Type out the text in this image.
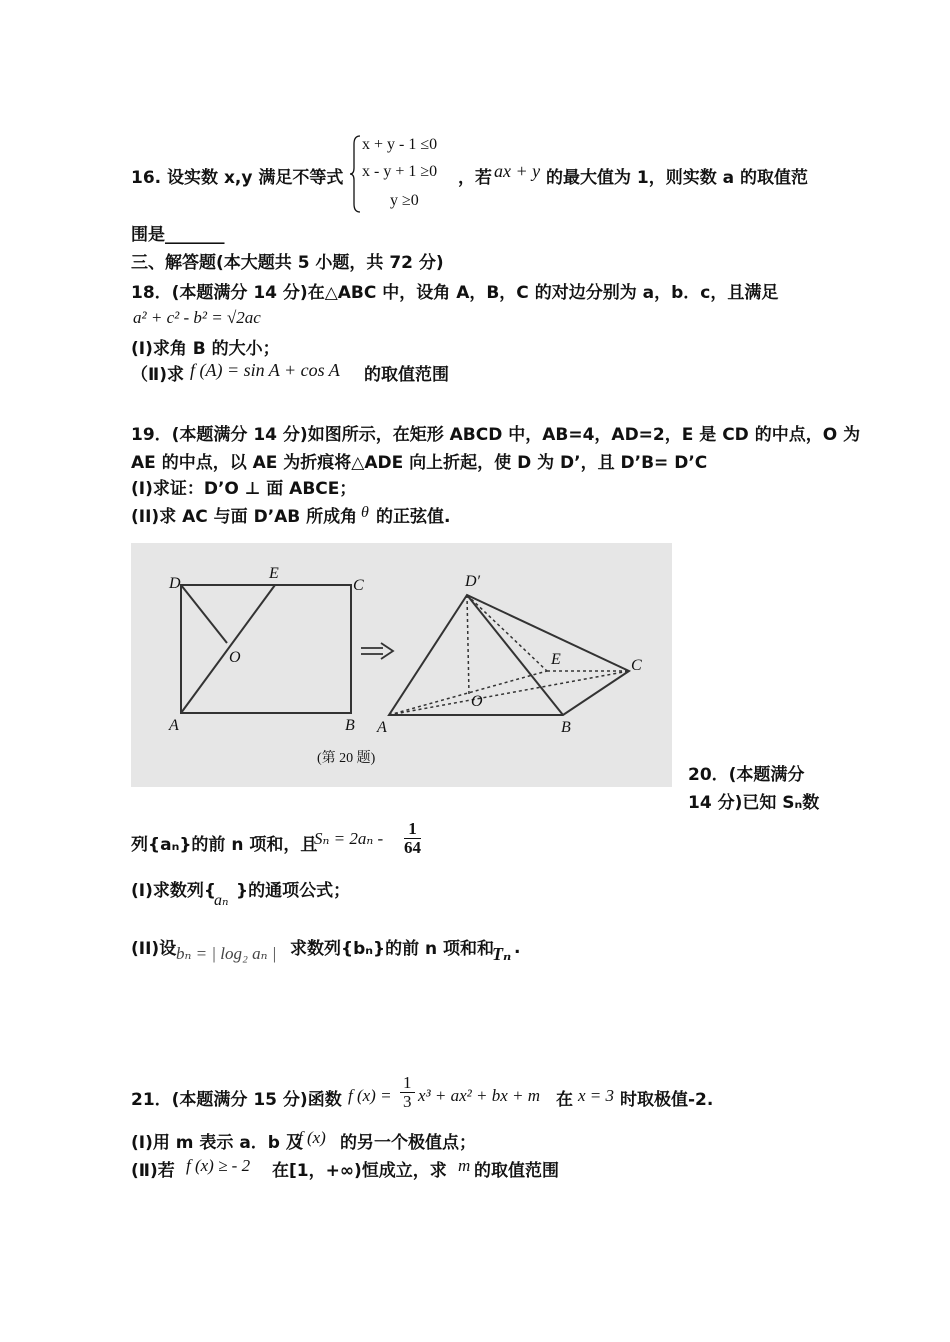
x + y - 1 ≤0
x - y + 1 ≥0
y ≥0
16. 设实数 x,y 满足不等式	，若 ax + y 的最大值为 1，则实数 a 的取值范
围是_______
三、解答题(本大题共 5 小题，共 72 分)
18．(本题满分 14 分)在△ABC 中，设角 A，B，C 的对边分别为 a，b．c，且满足
a² + c² - b² = √2ac
(I)求角 B 的大小；
（Ⅱ)求 f (A) = sin A + cos A 的取值范围
19．(本题满分 14 分)如图所示，在矩形 ABCD 中，AB=4，AD=2，E 是 CD 的中点，O 为
AE 的中点，以 AE 为折痕将△ADE 向上折起，使 D 为 D’，且 D’B= D’C
(I)求证：D’O ⊥ 面 ABCE；
(II)求 AC 与面 D’AB 所成角 θ 的正弦值.
D
E
C
O
A	B
D′
E	C
O
A	B
(第 20 题)
20．(本题满分
14 分)已知 Sₙ数
列{aₙ}的前 n 项和，且
$S_n = 2a_n - \frac{1}{64}$
(I)求数列{
aₙ }的通项公式；
(II)设 bₙ = | log₂ aₙ | 求数列{bₙ}的前 n 项和和
Tₙ .
21．(本题满分 15 分)函数 f $(x) = \frac{1}{3} x^3 + ax^2$ + bx + m 在 x = 3 时取极值-2.
(I)用 m 表示 a．b 及
f (x) 的另一个极值点；
(Ⅱ)若 f (x) ≥ - 2 在[1，+∞)恒成立，求 m 的取值范围
